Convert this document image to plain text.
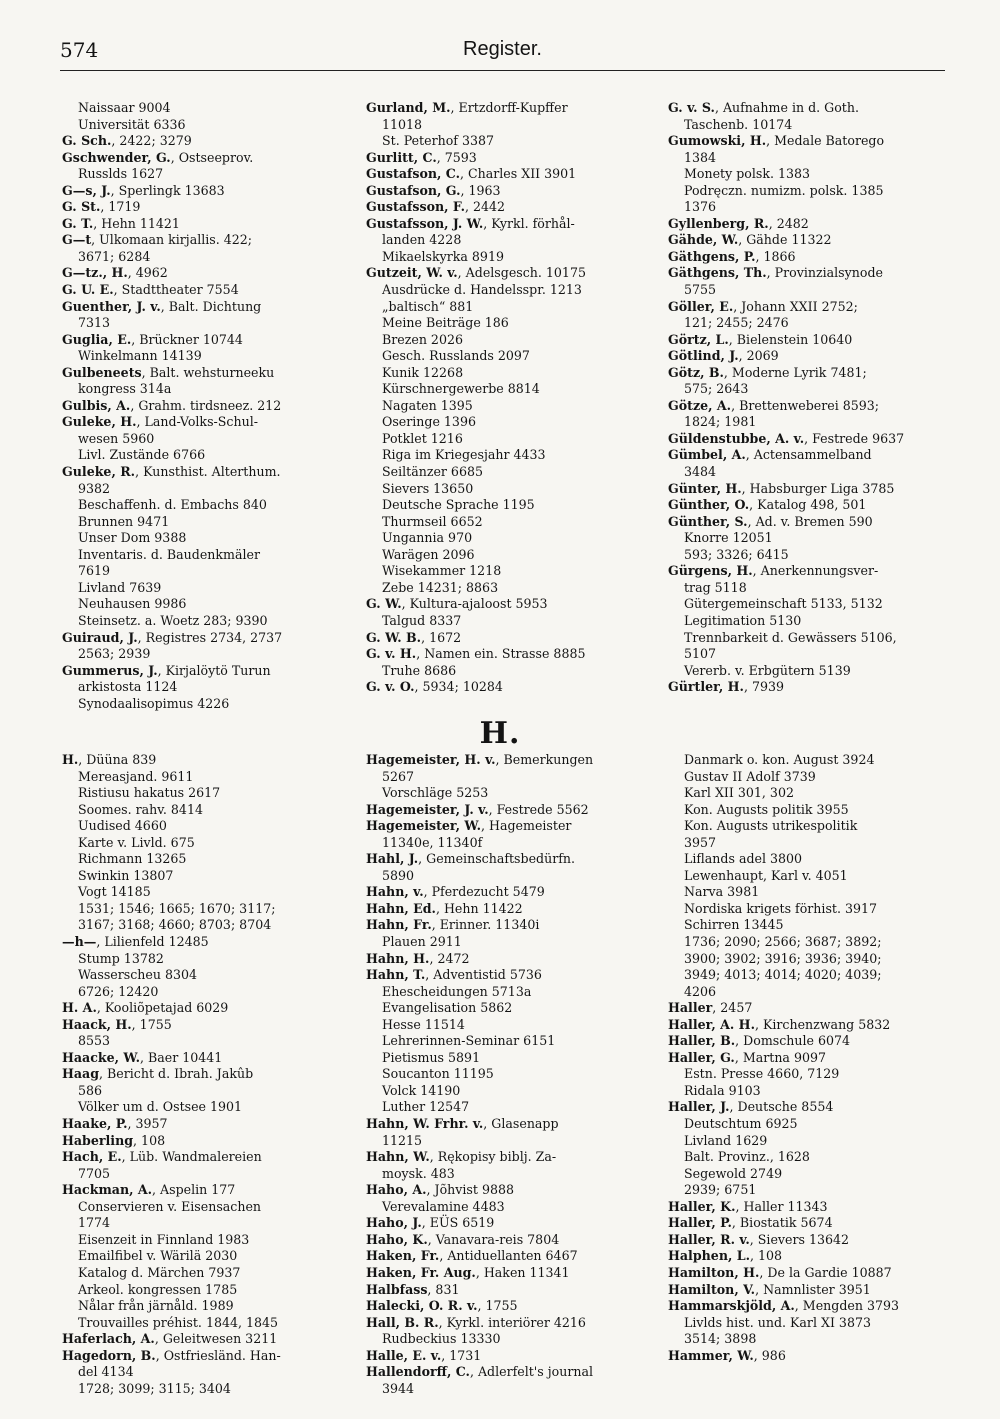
574	Register.
Naissaar 9004
Universität 6336
G. Sch., 2422; 3279
Gschwender, G., Ostseeprov.
Russlds 1627
G—s, J., Sperlingk 13683
G. St., 1719
G. T., Hehn 11421
G—t, Ulkomaan kirjallis. 422;
3671; 6284
G—tz., H., 4962
G. U. E., Stadttheater 7554
Guenther, J. v., Balt. Dichtung
7313
Guglia, E., Brückner 10744
Winkelmann 14139
Gulbeneets, Balt. wehsturneeku
kongress 314a
Gulbis, A., Grahm. tirdsneez. 212
Guleke, H., Land-Volks-Schul-
wesen 5960
Livl. Zustände 6766
Guleke, R., Kunsthist. Alterthum.
9382
Beschaffenh. d. Embachs 840
Brunnen 9471
Unser Dom 9388
Inventaris. d. Baudenkmäler
7619
Livland 7639
Neuhausen 9986
Steinsetz. a. Woetz 283; 9390
Guiraud, J., Registres 2734, 2737
2563; 2939
Gummerus, J., Kirjalöytö Turun
arkistosta 1124
Synodaalisopimus 4226
Gurland, M., Ertzdorff-Kupffer
11018
St. Peterhof 3387
Gurlitt, C., 7593
Gustafson, C., Charles XII 3901
Gustafson, G., 1963
Gustafsson, F., 2442
Gustafsson, J. W., Kyrkl. förhål-
landen 4228
Mikaelskyrka 8919
Gutzeit, W. v., Adelsgesch. 10175
Ausdrücke d. Handelsspr. 1213
„baltisch“ 881
Meine Beiträge 186
Brezen 2026
Gesch. Russlands 2097
Kunik 12268
Kürschnergewerbe 8814
Nagaten 1395
Oseringe 1396
Potklet 1216
Riga im Kriegesjahr 4433
Seiltänzer 6685
Sievers 13650
Deutsche Sprache 1195
Thurmseil 6652
Ungannia 970
Warägen 2096
Wisekammer 1218
Zebe 14231; 8863
G. W., Kultura-ajaloost 5953
Talgud 8337
G. W. B., 1672
G. v. H., Namen ein. Strasse 8885
Truhe 8686
G. v. O., 5934; 10284
G. v. S., Aufnahme in d. Goth.
Taschenb. 10174
Gumowski, H., Medale Batorego
1384
Monety polsk. 1383
Podręczn. numizm. polsk. 1385
1376
Gyllenberg, R., 2482
Gähde, W., Gähde 11322
Gäthgens, P., 1866
Gäthgens, Th., Provinzialsynode
5755
Göller, E., Johann XXII 2752;
121; 2455; 2476
Görtz, L., Bielenstein 10640
Götlind, J., 2069
Götz, B., Moderne Lyrik 7481;
575; 2643
Götze, A., Brettenweberei 8593;
1824; 1981
Güldenstubbe, A. v., Festrede 9637
Gümbel, A., Actensammelband
3484
Günter, H., Habsburger Liga 3785
Günther, O., Katalog 498, 501
Günther, S., Ad. v. Bremen 590
Knorre 12051
593; 3326; 6415
Gürgens, H., Anerkennungsver-
trag 5118
Gütergemeinschaft 5133, 5132
Legitimation 5130
Trennbarkeit d. Gewässers 5106,
5107
Vererb. v. Erbgütern 5139
Gürtler, H., 7939
H.
H., Düüna 839
Mereasjand. 9611
Ristiusu hakatus 2617
Soomes. rahv. 8414
Uudised 4660
Karte v. Livld. 675
Richmann 13265
Swinkin 13807
Vogt 14185
1531; 1546; 1665; 1670; 3117;
3167; 3168; 4660; 8703; 8704
—h—, Lilienfeld 12485
Stump 13782
Wasserscheu 8304
6726; 12420
H. A., Kooliõpetajad 6029
Haack, H., 1755
8553
Haacke, W., Baer 10441
Haag, Bericht d. Ibrah. Jakûb
586
Völker um d. Ostsee 1901
Haake, P., 3957
Haberling, 108
Hach, E., Lüb. Wandmalereien
7705
Hackman, A., Aspelin 177
Conservieren v. Eisensachen
1774
Eisenzeit in Finnland 1983
Emailfibel v. Wärilä 2030
Katalog d. Märchen 7937
Arkeol. kongressen 1785
Nålar från järnåld. 1989
Trouvailles préhist. 1844, 1845
Haferlach, A., Geleitwesen 3211
Hagedorn, B., Ostfriesländ. Han-
del 4134
1728; 3099; 3115; 3404
Hagemeister, H. v., Bemerkungen
5267
Vorschläge 5253
Hagemeister, J. v., Festrede 5562
Hagemeister, W., Hagemeister
11340e, 11340f
Hahl, J., Gemeinschaftsbedürfn.
5890
Hahn, v., Pferdezucht 5479
Hahn, Ed., Hehn 11422
Hahn, Fr., Erinner. 11340i
Plauen 2911
Hahn, H., 2472
Hahn, T., Adventistid 5736
Ehescheidungen 5713a
Evangelisation 5862
Hesse 11514
Lehrerinnen-Seminar 6151
Pietismus 5891
Soucanton 11195
Volck 14190
Luther 12547
Hahn, W. Frhr. v., Glasenapp
11215
Hahn, W., Rękopisy biblj. Za-
moysk. 483
Haho, A., Jõhvist 9888
Verevalamine 4483
Haho, J., EÜS 6519
Haho, K., Vanavara-reis 7804
Haken, Fr., Antiduellanten 6467
Haken, Fr. Aug., Haken 11341
Halbfass, 831
Halecki, O. R. v., 1755
Hall, B. R., Kyrkl. interiörer 4216
Rudbeckius 13330
Halle, E. v., 1731
Hallendorff, C., Adlerfelt's journal
3944
Danmark o. kon. August 3924
Gustav II Adolf 3739
Karl XII 301, 302
Kon. Augusts politik 3955
Kon. Augusts utrikespolitik
3957
Liflands adel 3800
Lewenhaupt, Karl v. 4051
Narva 3981
Nordiska krigets förhist. 3917
Schirren 13445
1736; 2090; 2566; 3687; 3892;
3900; 3902; 3916; 3936; 3940;
3949; 4013; 4014; 4020; 4039;
4206
Haller, 2457
Haller, A. H., Kirchenzwang 5832
Haller, B., Domschule 6074
Haller, G., Martna 9097
Estn. Presse 4660, 7129
Ridala 9103
Haller, J., Deutsche 8554
Deutschtum 6925
Livland 1629
Balt. Provinz., 1628
Segewold 2749
2939; 6751
Haller, K., Haller 11343
Haller, P., Biostatik 5674
Haller, R. v., Sievers 13642
Halphen, L., 108
Hamilton, H., De la Gardie 10887
Hamilton, V., Namnlister 3951
Hammarskjöld, A., Mengden 3793
Livlds hist. und. Karl XI 3873
3514; 3898
Hammer, W., 986
